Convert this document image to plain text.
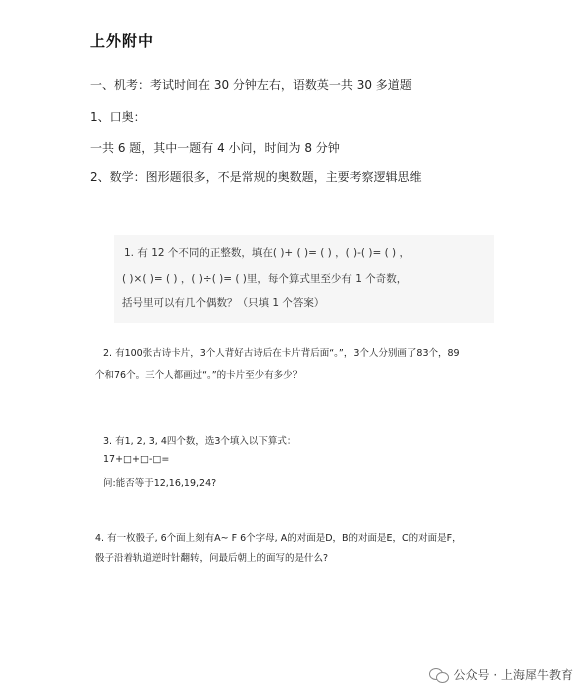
上外附中
一、机考：考试时间在 30 分钟左右，语数英一共 30 多道题
1、口奥：
一共 6 题，其中一题有 4 小问，时间为 8 分钟
2、数学：图形题很多，不是常规的奥数题，主要考察逻辑思维
1. 有 12 个不同的正整数，填在( )+ ( )= ( ) ，( )-( )= ( ) ，
( )×( )= ( ) ，( )÷( )= ( )里，每个算式里至少有 1 个奇数，
括号里可以有几个偶数？（只填 1 个答案）
2. 有100张古诗卡片，3个人背好古诗后在卡片背后面“。”，3个人分别画了83个，89
个和76个。三个人都画过“。”的卡片至少有多少？
3. 有1, 2, 3, 4四个数，选3个填入以下算式：
17+□+□-□=
问:能否等于12,16,19,24?
4. 有一枚骰子, 6个面上刻有A~ F 6个字母, A的对面是D，B的对面是E，C的对面是F，
骰子沿着轨道逆时针翻转，问最后朝上的面写的是什么?
公众号 · 上海犀牛教育
